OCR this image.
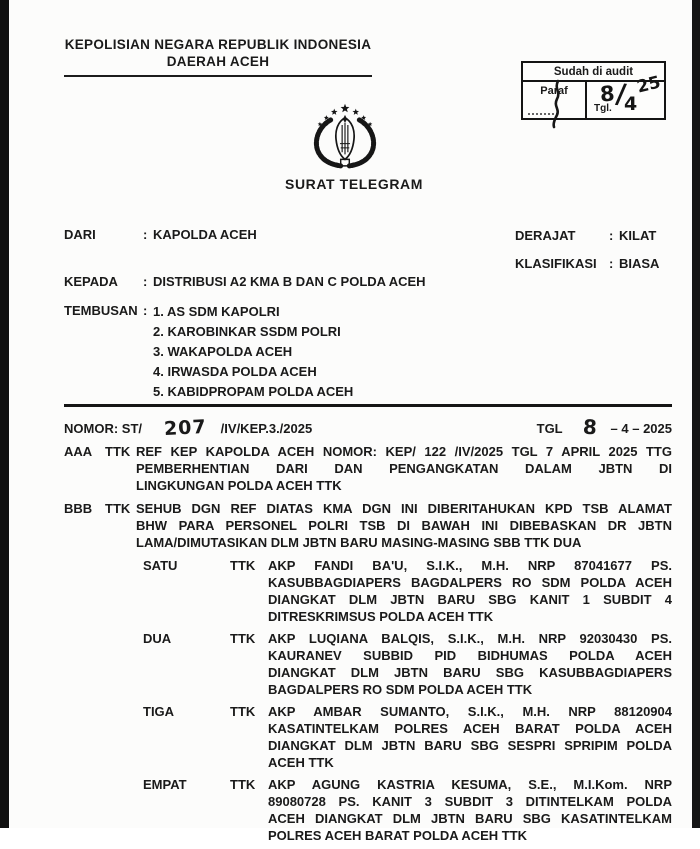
Sudah di audit
Paraf
Tgl.
8
/
4
25
DERAJAT	: KILAT
KLASIFIKASI : BIASA
KEPOLISIAN NEGARA REPUBLIK INDONESIA
DAERAH ACEH
SURAT TELEGRAM
DARI	: KAPOLDA ACEH
KEPADA	: DISTRIBUSI A2 KMA B DAN C POLDA ACEH
TEMBUSAN : 1. AS SDM KAPOLRI
2. KAROBINKAR SSDM POLRI
3. WAKAPOLDA ACEH
4. IRWASDA POLDA ACEH
5. KABIDPROPAM POLDA ACEH
NOMOR: ST/ 207 /IV/KEP.3./2025	TGL 8 – 4 – 2025
AAA TTK REF KEP KAPOLDA ACEH NOMOR: KEP/ 122 /IV/2025 TGL 7 APRIL 2025 TTG
PEMBERHENTIAN DARI DAN PENGANGKATAN DALAM JBTN DI
LINGKUNGAN POLDA ACEH TTK
BBB TTK SEHUB DGN REF DIATAS KMA DGN INI DIBERITAHUKAN KPD TSB ALAMAT
BHW PARA PERSONEL POLRI TSB DI BAWAH INI DIBEBASKAN DR JBTN
LAMA/DIMUTASIKAN DLM JBTN BARU MASING-MASING SBB TTK DUA
SATU	TTK AKP FANDI BA'U, S.I.K., M.H. NRP 87041677 PS.
KASUBBAGDIAPERS BAGDALPERS RO SDM POLDA ACEH
DIANGKAT DLM JBTN BARU SBG KANIT 1 SUBDIT 4
DITRESKRIMSUS POLDA ACEH TTK
DUA	TTK AKP LUQIANA BALQIS, S.I.K., M.H. NRP 92030430 PS.
KAURANEV SUBBID PID BIDHUMAS POLDA ACEH
DIANGKAT DLM JBTN BARU SBG KASUBBAGDIAPERS
BAGDALPERS RO SDM POLDA ACEH TTK
TIGA	TTK AKP AMBAR SUMANTO, S.I.K., M.H. NRP 88120904
KASATINTELKAM POLRES ACEH BARAT POLDA ACEH
DIANGKAT DLM JBTN BARU SBG SESPRI SPRIPIM POLDA
ACEH TTK
EMPAT	TTK AKP AGUNG KASTRIA KESUMA, S.E., M.I.Kom. NRP
89080728 PS. KANIT 3 SUBDIT 3 DITINTELKAM POLDA
ACEH DIANGKAT DLM JBTN BARU SBG KASATINTELKAM
POLRES ACEH BARAT POLDA ACEH TTK
